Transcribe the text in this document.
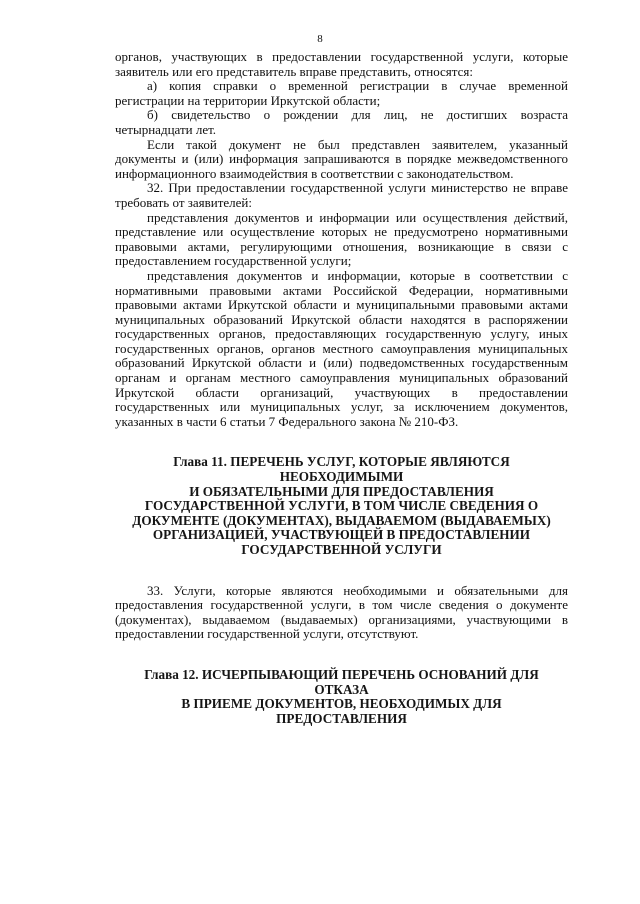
8

органов, участвующих в предоставлении государственной услуги, которые заявитель или его представитель вправе представить, относятся:

а) копия справки о временной регистрации в случае временной регистрации на территории Иркутской области;

б) свидетельство о рождении для лиц, не достигших возраста четырнадцати лет.

Если такой документ не был представлен заявителем, указанный документы и (или) информация запрашиваются в порядке межведомственного информационного взаимодействия в соответствии с законодательством.

32. При предоставлении государственной услуги министерство не вправе требовать от заявителей:

представления документов и информации или осуществления действий, представление или осуществление которых не предусмотрено нормативными правовыми актами, регулирующими отношения, возникающие в связи с предоставлением государственной услуги;

представления документов и информации, которые в соответствии с нормативными правовыми актами Российской Федерации, нормативными правовыми актами Иркутской области и муниципальными правовыми актами муниципальных образований Иркутской области находятся в распоряжении государственных органов, предоставляющих государственную услугу, иных государственных органов, органов местного самоуправления муниципальных образований Иркутской области и (или) подведомственных государственным органам и органам местного самоуправления муниципальных образований Иркутской области организаций, участвующих в предоставлении государственных или муниципальных услуг, за исключением документов, указанных в части 6 статьи 7 Федерального закона № 210-ФЗ.

Глава 11. ПЕРЕЧЕНЬ УСЛУГ, КОТОРЫЕ ЯВЛЯЮТСЯ
НЕОБХОДИМЫМИ
И ОБЯЗАТЕЛЬНЫМИ ДЛЯ ПРЕДОСТАВЛЕНИЯ
ГОСУДАРСТВЕННОЙ УСЛУГИ, В ТОМ ЧИСЛЕ СВЕДЕНИЯ О
ДОКУМЕНТЕ (ДОКУМЕНТАХ), ВЫДАВАЕМОМ (ВЫДАВАЕМЫХ)
ОРГАНИЗАЦИЕЙ, УЧАСТВУЮЩЕЙ В ПРЕДОСТАВЛЕНИИ
ГОСУДАРСТВЕННОЙ УСЛУГИ

33. Услуги, которые являются необходимыми и обязательными для предоставления государственной услуги, в том числе сведения о документе (документах), выдаваемом (выдаваемых) организациями, участвующими в предоставлении государственной услуги, отсутствуют.

Глава 12. ИСЧЕРПЫВАЮЩИЙ ПЕРЕЧЕНЬ ОСНОВАНИЙ ДЛЯ
ОТКАЗА
В ПРИЕМЕ ДОКУМЕНТОВ, НЕОБХОДИМЫХ ДЛЯ
ПРЕДОСТАВЛЕНИЯ
